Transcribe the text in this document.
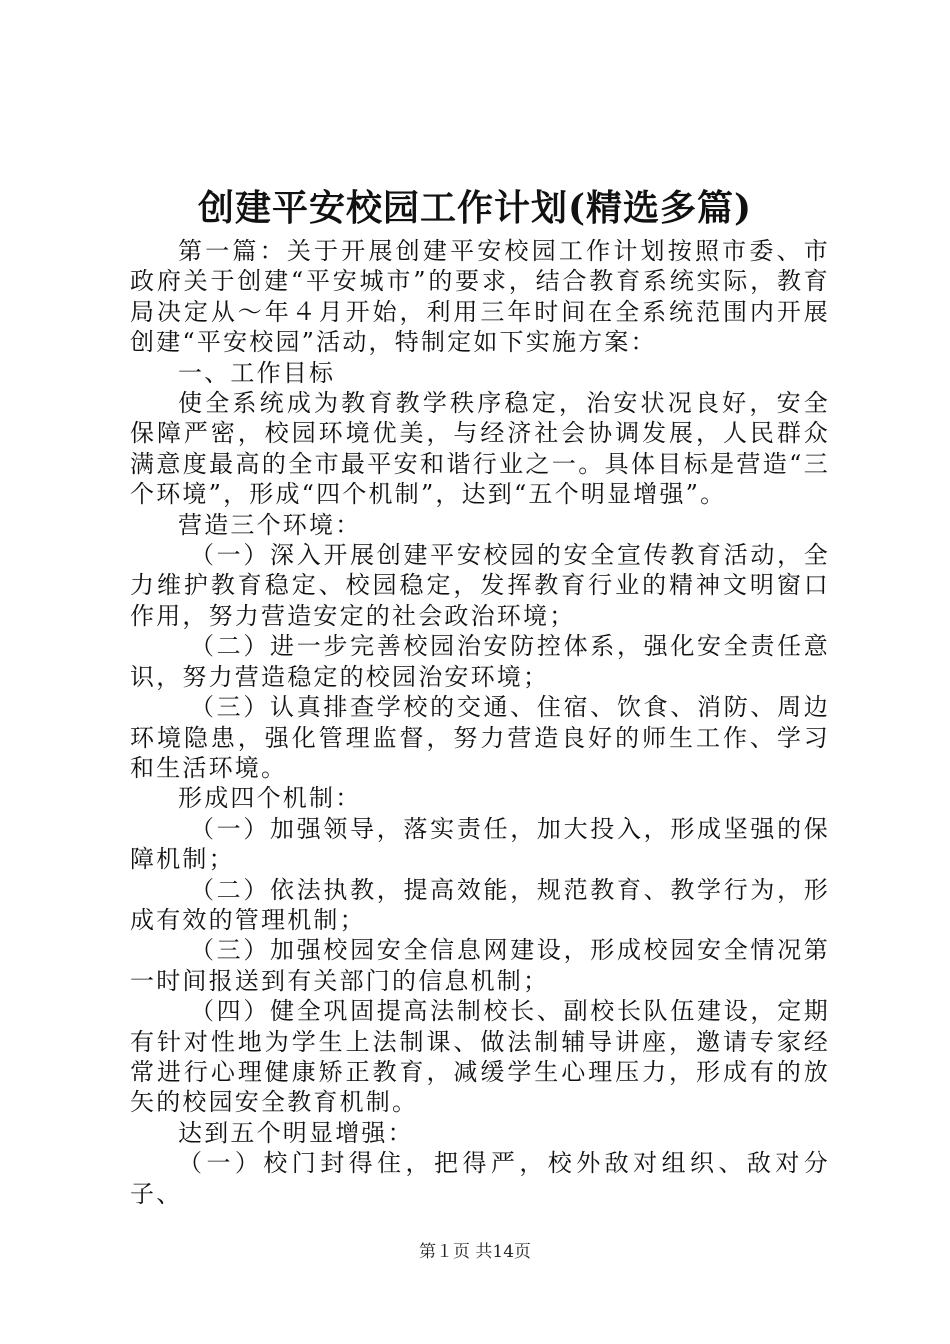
创建平安校园工作计划(精选多篇)

第一篇：关于开展创建平安校园工作计划按照市委、市政府关于创建“平安城市”的要求，结合教育系统实际，教育局决定从～年４月开始，利用三年时间在全系统范围内开展创建“平安校园”活动，特制定如下实施方案：

一、工作目标

使全系统成为教育教学秩序稳定，治安状况良好，安全保障严密，校园环境优美，与经济社会协调发展，人民群众满意度最高的全市最平安和谐行业之一。具体目标是营造“三个环境”，形成“四个机制”，达到“五个明显增强”。

营造三个环境：

（一）深入开展创建平安校园的安全宣传教育活动，全力维护教育稳定、校园稳定，发挥教育行业的精神文明窗口作用，努力营造安定的社会政治环境；

（二）进一步完善校园治安防控体系，强化安全责任意识，努力营造稳定的校园治安环境；

（三）认真排查学校的交通、住宿、饮食、消防、周边环境隐患，强化管理监督，努力营造良好的师生工作、学习和生活环境。

形成四个机制：

（一）加强领导，落实责任，加大投入，形成坚强的保障机制；

（二）依法执教，提高效能，规范教育、教学行为，形成有效的管理机制；

（三）加强校园安全信息网建设，形成校园安全情况第一时间报送到有关部门的信息机制；

（四）健全巩固提高法制校长、副校长队伍建设，定期有针对性地为学生上法制课、做法制辅导讲座，邀请专家经常进行心理健康矫正教育，减缓学生心理压力，形成有的放矢的校园安全教育机制。

达到五个明显增强：

（一）校门封得住，把得严，校外敌对组织、敌对分子、

第１页 共14页
